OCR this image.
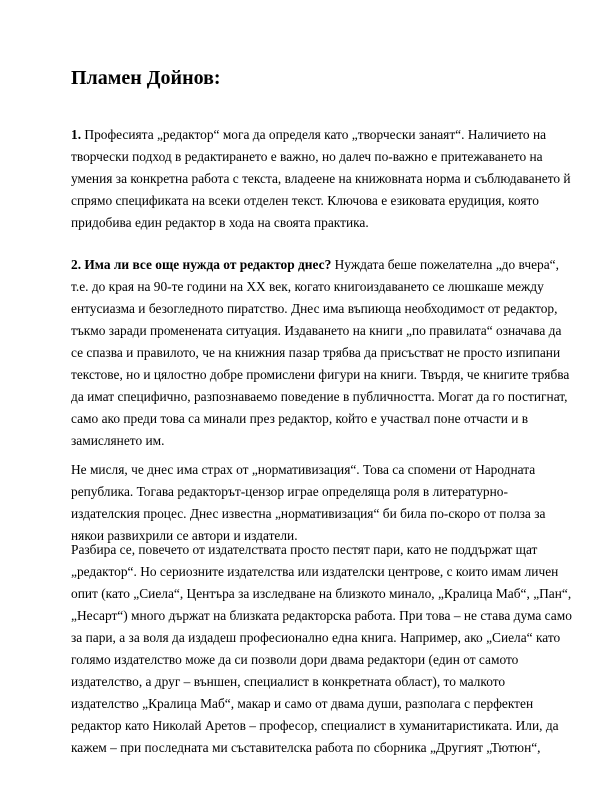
Пламен Дойнов:
1. Професията „редактор“ мога да определя като „творчески занаят“. Наличието на
творчески подход в редактирането е важно, но далеч по-важно е притежаването на
умения за конкретна работа с текста, владеене на книжовната норма и съблюдаването й
спрямо спецификата на всеки отделен текст. Ключова е езиковата ерудиция, която
придобива един редактор в хода на своята практика.
2. Има ли все още нужда от редактор днес? Нуждата беше пожелателна „до вчера“,
т.е. до края на 90-те години на ХХ век, когато книгоиздаването се люшкаше между
ентусиазма и безогледното пиратство. Днес има въпиюща необходимост от редактор,
тъкмо заради променената ситуация. Издаването на книги „по правилата“ означава да
се спазва и правилото, че на книжния пазар трябва да присъстват не просто изпипани
текстове, но и цялостно добре промислени фигури на книги. Твърдя, че книгите трябва
да имат специфично, разпознаваемо поведение в публичността. Могат да го постигнат,
само ако преди това са минали през редактор, който е участвал поне отчасти и в
замислянето им.
Не мисля, че днес има страх от „нормативизация“. Това са спомени от Народната
република. Тогава редакторът-цензор играе определяща роля в литературно-
издателския процес. Днес известна „нормативизация“ би била по-скоро от полза за
някои развихрили се автори и издатели.
Разбира се, повечето от издателствата просто пестят пари, като не поддържат щат
„редактор“. Но сериозните издателства или издателски центрове, с които имам личен
опит (като „Сиела“, Центъра за изследване на близкото минало, „Кралица Маб“, „Пан“,
„Несарт“) много държат на близката редакторска работа. При това – не става дума само
за пари, а за воля да издадеш професионално една книга. Например, ако „Сиела“ като
голямо издателство може да си позволи дори двама редактори (един от самото
издателство, а друг – външен, специалист в конкретната област), то малкото
издателство „Кралица Маб“, макар и само от двама души, разполага с перфектен
редактор като Николай Аретов – професор, специалист в хуманитаристиката. Или, да
кажем – при последната ми съставителска работа по сборника „Другият „Тютюн“,
